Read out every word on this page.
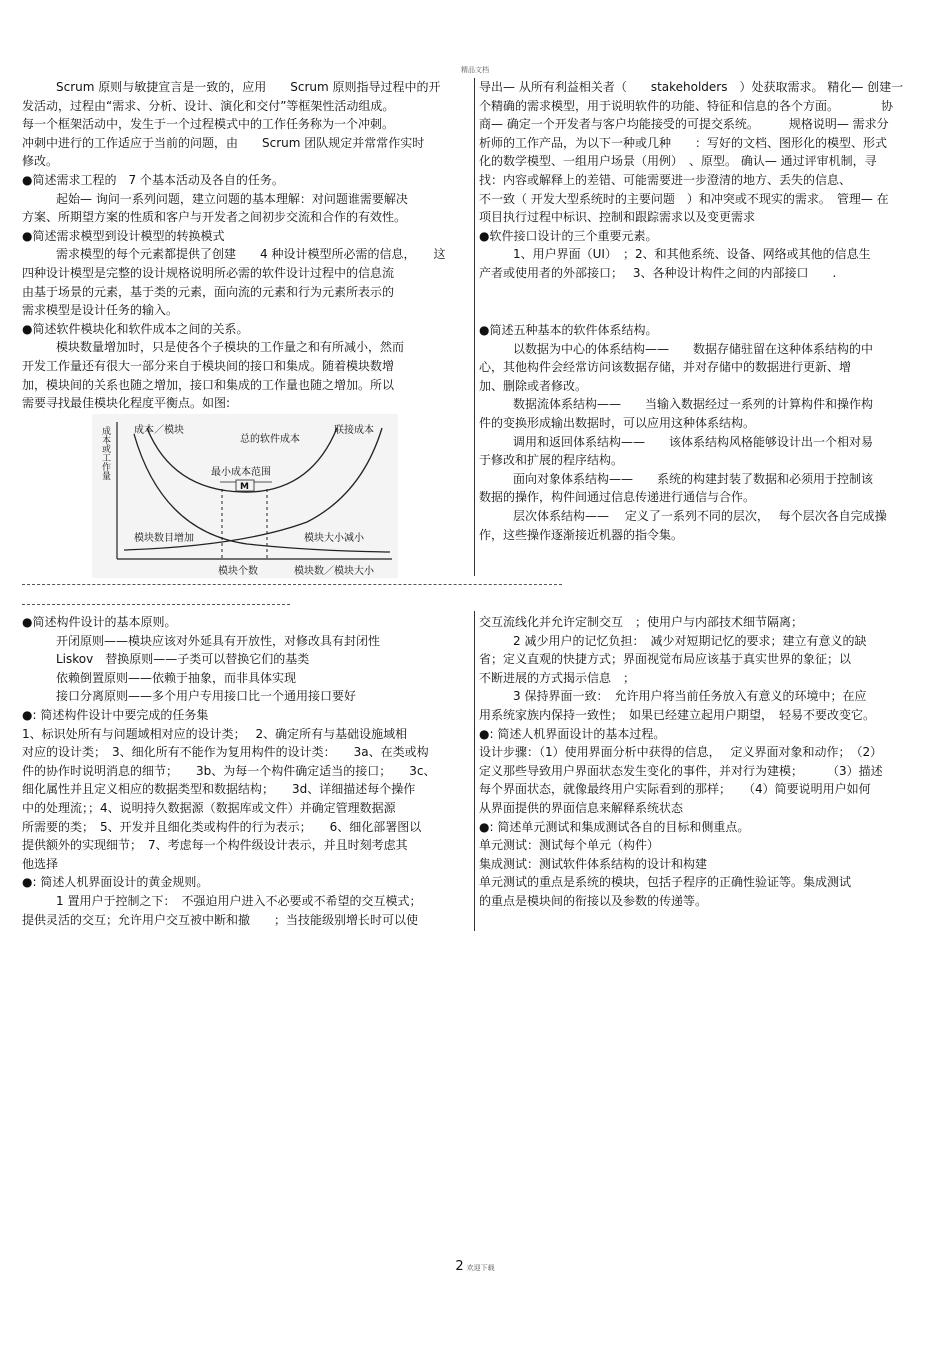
精品文档

Scrum 原则与敏捷宣言是一致的，应用　　Scrum 原则指导过程中的开

发活动，过程由“需求、分析、设计、演化和交付”等框架性活动组成。

每一个框架活动中，发生于一个过程模式中的工作任务称为一个冲刺。

冲刺中进行的工作适应于当前的问题，由　　Scrum 团队规定并常常作实时

修改。

●简述需求工程的　7 个基本活动及各自的任务。

起始— 询问一系列问题，建立问题的基本理解：对问题谁需要解决

方案、所期望方案的性质和客户与开发者之间初步交流和合作的有效性。

●简述需求模型到设计模型的转换模式

需求模型的每个元素都提供了创建　　4 种设计模型所必需的信息，　　这

四种设计模型是完整的设计规格说明所必需的软件设计过程中的信息流

由基于场景的元素，基于类的元素，面向流的元素和行为元素所表示的

需求模型是设计任务的输入。

●简述软件模块化和软件成本之间的关系。

模块数量增加时，只是使各个子模块的工作量之和有所减小，然而

开发工作量还有很大一部分来自于模块间的接口和集成。随着模块数增

加，模块间的关系也随之增加，接口和集成的工作量也随之增加。所以

需要寻找最佳模块化程度平衡点。如图:

导出— 从所有利益相关者（　　stakeholders　）处获取需求。 精化— 创建一

个精确的需求模型，用于说明软件的功能、特征和信息的各个方面。　　　　协

商— 确定一个开发者与客户均能接受的可提交系统。　　　规格说明— 需求分

析师的工作产品，为以下一种或几种　　：写好的文档、图形化的模型、形式

化的数学模型、一组用户场景（用例）　、原型。 确认— 通过评审机制，寻

找：内容或解释上的差错、可能需要进一步澄清的地方、丢失的信息、

不一致（ 开发大型系统时的主要问题　）和冲突或不现实的需求。　管理— 在

项目执行过程中标识、控制和跟踪需求以及变更需求

●软件接口设计的三个重要元素。

1、用户界面（UI）　；2、和其他系统、设备、网络或其他的信息生

产者或使用者的外部接口；　 3、各种设计构件之间的内部接口　　.

●简述五种基本的软件体系结构。

以数据为中心的体系结构——　　数据存储驻留在这种体系结构的中

心，其他构件会经常访问该数据存储，并对存储中的数据进行更新、增

加、删除或者修改。

数据流体系结构——　　当输入数据经过一系列的计算构件和操作构

件的变换形成输出数据时，可以应用这种体系结构。

调用和返回体系结构——　　该体系结构风格能够设计出一个相对易

于修改和扩展的程序结构。

面向对象体系结构——　　系统的构建封装了数据和必须用于控制该

数据的操作，构件间通过信息传递进行通信与合作。

层次体系结构——　 定义了一系列不同的层次，　 每个层次各自完成操

作，这些操作逐渐接近机器的指令集。

●简述构件设计的基本原则。

开闭原则——模块应该对外延具有开放性，对修改具有封闭性

Liskov　替换原则——子类可以替换它们的基类

依赖倒置原则——依赖于抽象，而非具体实现

接口分离原则——多个用户专用接口比一个通用接口要好

●: 简述构件设计中要完成的任务集

1、标识处所有与问题域相对应的设计类；　 2、确定所有与基础设施域相

对应的设计类；　3、细化所有不能作为复用构件的设计类：　　3a、在类或构

件的协作时说明消息的细节；　　3b、为每一个构件确定适当的接口；　　3c、

细化属性并且定义相应的数据类型和数据结构；　　3d、详细描述每个操作

中的处理流；；4、说明持久数据源（数据库或文件）并确定管理数据源

所需要的类；　5、开发并且细化类或构件的行为表示；　　6、细化部署图以

提供额外的实现细节；　7、考虑每一个构件级设计表示，并且时刻考虑其

他选择

●: 简述人机界面设计的黄金规则。

1 置用户于控制之下：　不强迫用户进入不必要或不希望的交互模式；

提供灵活的交互；允许用户交互被中断和撤　　；当技能级别增长时可以使

交互流线化并允许定制交互　；使用户与内部技术细节隔离；

2 减少用户的记忆负担：　减少对短期记忆的要求；建立有意义的缺

省；定义直观的快捷方式；界面视觉布局应该基于真实世界的象征；以

不断进展的方式揭示信息　；

3 保持界面一致：　允许用户将当前任务放入有意义的环境中；在应

用系统家族内保持一致性；　如果已经建立起用户期望，　轻易不要改变它。

●: 简述人机界面设计的基本过程。

设计步骤：（1）使用界面分析中获得的信息，　 定义界面对象和动作；　（2）

定义那些导致用户界面状态发生变化的事件，并对行为建模；　　　（3）描述

每个界面状态，就像最终用户实际看到的那样；　　（4）简要说明用户如何

从界面提供的界面信息来解释系统状态

●: 简述单元测试和集成测试各自的目标和侧重点。

单元测试：测试每个单元（构件）

集成测试：测试软件体系结构的设计和构建

单元测试的重点是系统的模块，包括子程序的正确性验证等。集成测试

的重点是模块间的衔接以及参数的传递等。

成本或工作量 成本／模块	联接成本
总的软件成本
最小成本范围
M
模块数目增加	模块大小减小
模块个数	模块数／模块大小
2 欢迎下载
